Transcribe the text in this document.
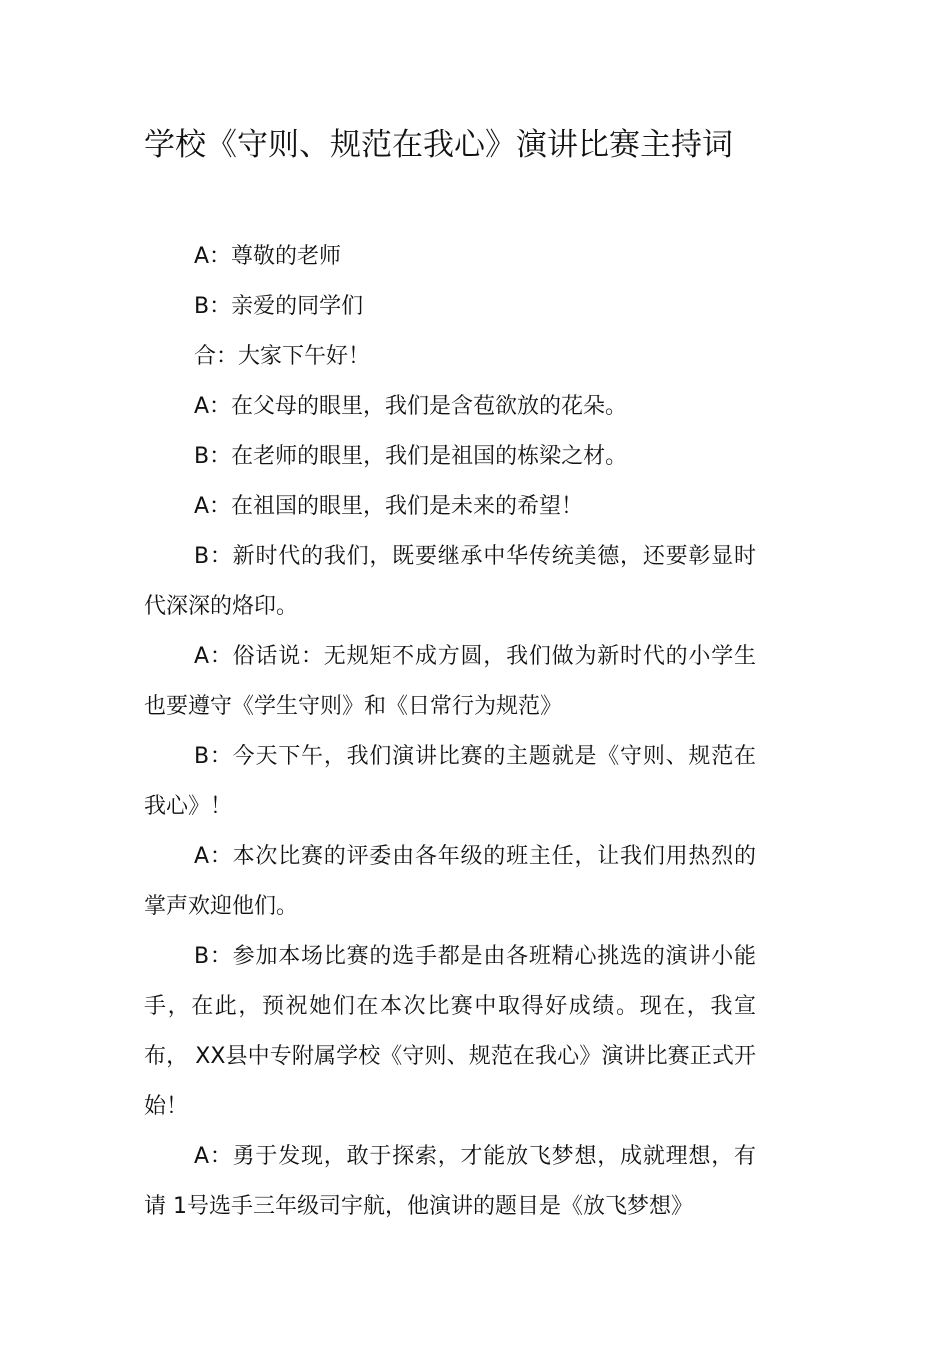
学校《守则、规范在我心》演讲比赛主持词

A：尊敬的老师

B：亲爱的同学们

合：大家下午好！

A：在父母的眼里，我们是含苞欲放的花朵。

B：在老师的眼里，我们是祖国的栋梁之材。

A：在祖国的眼里，我们是未来的希望！

B：新时代的我们，既要继承中华传统美德，还要彰显时代深深的烙印。

A：俗话说：无规矩不成方圆，我们做为新时代的小学生也要遵守《学生守则》和《日常行为规范》

B：今天下午，我们演讲比赛的主题就是《守则、规范在我心》！

A：本次比赛的评委由各年级的班主任，让我们用热烈的掌声欢迎他们。

B：参加本场比赛的选手都是由各班精心挑选的演讲小能手，在此，预祝她们在本次比赛中取得好成绩。现在，我宣布， XX县中专附属学校《守则、规范在我心》演讲比赛正式开始！

A：勇于发现，敢于探索，才能放飞梦想，成就理想，有请 1号选手三年级司宇航，他演讲的题目是《放飞梦想》
